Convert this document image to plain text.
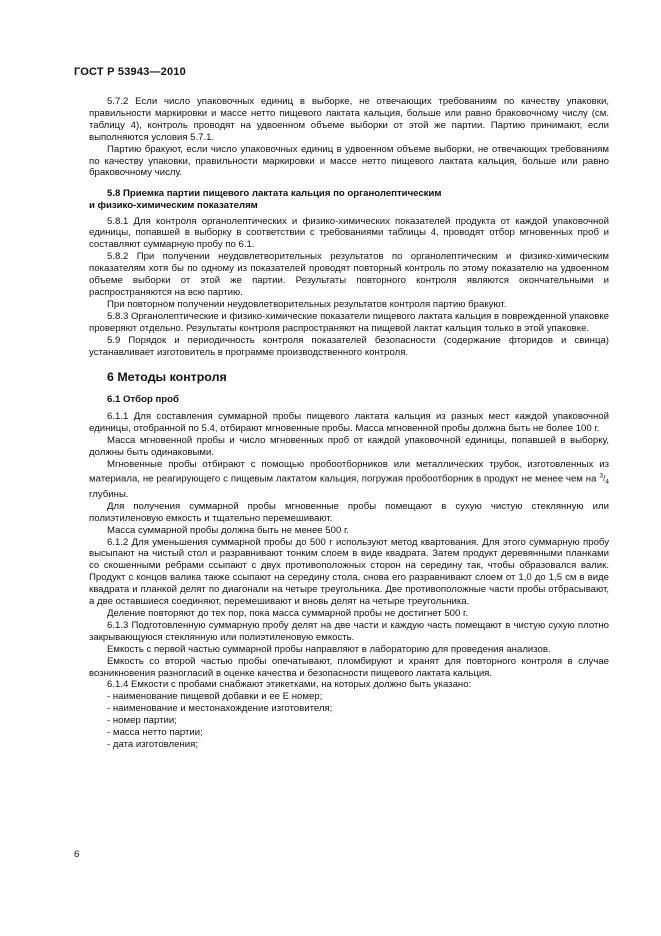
ГОСТ Р 53943—2010

5.7.2 Если число упаковочных единиц в выборке, не отвечающих требованиям по качеству упаковки, правильности маркировки и массе нетто пищевого лактата кальция, больше или равно браковочному числу (см. таблицу 4), контроль проводят на удвоенном объеме выборки от этой же партии. Партию принимают, если выполняются условия 5.7.1.

Партию бракуют, если число упаковочных единиц в удвоенном объеме выборки, не отвечающих требованиям по качеству упаковки, правильности маркировки и массе нетто пищевого лактата кальция, больше или равно браковочному числу.

5.8 Приемка партии пищевого лактата кальция по органолептическим
и физико-химическим показателям

5.8.1 Для контроля органолептических и физико-химических показателей продукта от каждой упаковочной единицы, попавшей в выборку в соответствии с требованиями таблицы 4, проводят отбор мгновенных проб и составляют суммарную пробу по 6.1.

5.8.2 При получении неудовлетворительных результатов по органолептическим и физико-химическим показателям хотя бы по одному из показателей проводят повторный контроль по этому показателю на удвоенном объеме выборки от этой же партии. Результаты повторного контроля являются окончательными и распространяются на всю партию.

При повторном получении неудовлетворительных результатов контроля партию бракуют.

5.8.3 Органолептические и физико-химические показатели пищевого лактата кальция в поврежденной упаковке проверяют отдельно. Результаты контроля распространяют на пищевой лактат кальция только в этой упаковке.

5.9 Порядок и периодичность контроля показателей безопасности (содержание фторидов и свинца) устанавливает изготовитель в программе производственного контроля.

6 Методы контроля

6.1 Отбор проб

6.1.1 Для составления суммарной пробы пищевого лактата кальция из разных мест каждой упаковочной единицы, отобранной по 5.4, отбирают мгновенные пробы. Масса мгновенной пробы должна быть не более 100 г.

Масса мгновенной пробы и число мгновенных проб от каждой упаковочной единицы, попавшей в выборку, должны быть одинаковыми.

Мгновенные пробы отбирают с помощью пробоотборников или металлических трубок, изготовленных из материала, не реагирующего с пищевым лактатом кальция, погружая пробоотборник в продукт не менее чем на $^3/_4$ глубины.

Для получения суммарной пробы мгновенные пробы помещают в сухую чистую стеклянную или полиэтиленовую емкость и тщательно перемешивают.

Масса суммарной пробы должна быть не менее 500 г.

6.1.2 Для уменьшения суммарной пробы до 500 г используют метод квартования. Для этого суммарную пробу высыпают на чистый стол и разравнивают тонким слоем в виде квадрата. Затем продукт деревянными планками со скошенными ребрами ссыпают с двух противоположных сторон на середину так, чтобы образовался валик. Продукт с концов валика также ссыпают на середину стола, снова его разравнивают слоем от 1,0 до 1,5 см в виде квадрата и планкой делят по диагонали на четыре треугольника. Две противоположные части пробы отбрасывают, а две оставшиеся соединяют, перемешивают и вновь делят на четыре треугольника.

Деление повторяют до тех пор, пока масса суммарной пробы не достигнет 500 г.

6.1.3 Подготовленную суммарную пробу делят на две части и каждую часть помещают в чистую сухую плотно закрывающуюся стеклянную или полиэтиленовую емкость.

Емкость с первой частью суммарной пробы направляют в лабораторию для проведения анализов.

Емкость со второй частью пробы опечатывают, пломбируют и хранят для повторного контроля в случае возникновения разногласий в оценке качества и безопасности пищевого лактата кальция.

6.1.4 Емкости с пробами снабжают этикетками, на которых должно быть указано:

- наименование пищевой добавки и ее Е номер;

- наименование и местонахождение изготовителя;

- номер партии;

- масса нетто партии;

- дата изготовления;

6
